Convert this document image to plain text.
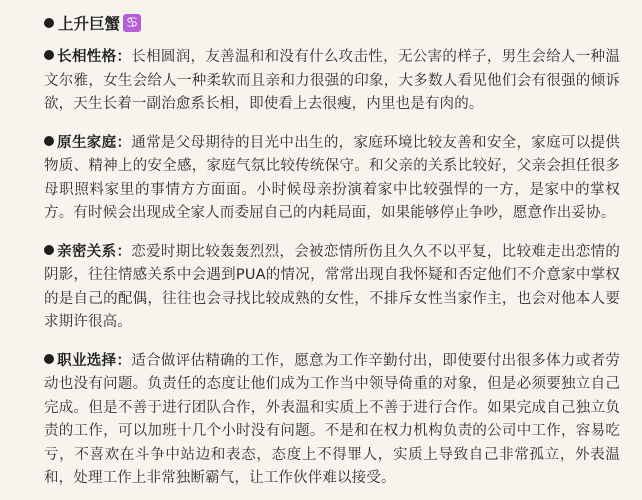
上升巨蟹 ♋

长相性格：长相圆润，友善温和和没有什么攻击性，无公害的样子，男生会给人一种温文尔雅，女生会给人一种柔软而且亲和力很强的印象，大多数人看见他们会有很强的倾诉欲，天生长着一副治愈系长相，即使看上去很瘦，内里也是有肉的。

原生家庭：通常是父母期待的目光中出生的，家庭环境比较友善和安全，家庭可以提供物质、精神上的安全感，家庭气氛比较传统保守。和父亲的关系比较好，父亲会担任很多母职照料家里的事情方方面面。小时候母亲扮演着家中比较强悍的一方，是家中的掌权方。有时候会出现成全家人而委屈自己的内耗局面，如果能够停止争吵，愿意作出妥协。

亲密关系：恋爱时期比较轰轰烈烈，会被恋情所伤且久久不以平复，比较难走出恋情的阴影，往往情感关系中会遇到PUA的情况，常常出现自我怀疑和否定他们不介意家中掌权的是自己的配偶，往往也会寻找比较成熟的女性，不排斥女性当家作主，也会对他本人要求期许很高。

职业选择：适合做评估精确的工作，愿意为工作辛勤付出，即使要付出很多体力或者劳动也没有问题。负责任的态度让他们成为工作当中领导倚重的对象，但是必须要独立自己完成。但是不善于进行团队合作，外表温和实质上不善于进行合作。如果完成自己独立负责的工作，可以加班十几个小时没有问题。不是和在权力机构负责的公司中工作，容易吃亏，不喜欢在斗争中站边和表态，态度上不得罪人，实质上导致自己非常孤立，外表温和，处理工作上非常独断霸气，让工作伙伴难以接受。
